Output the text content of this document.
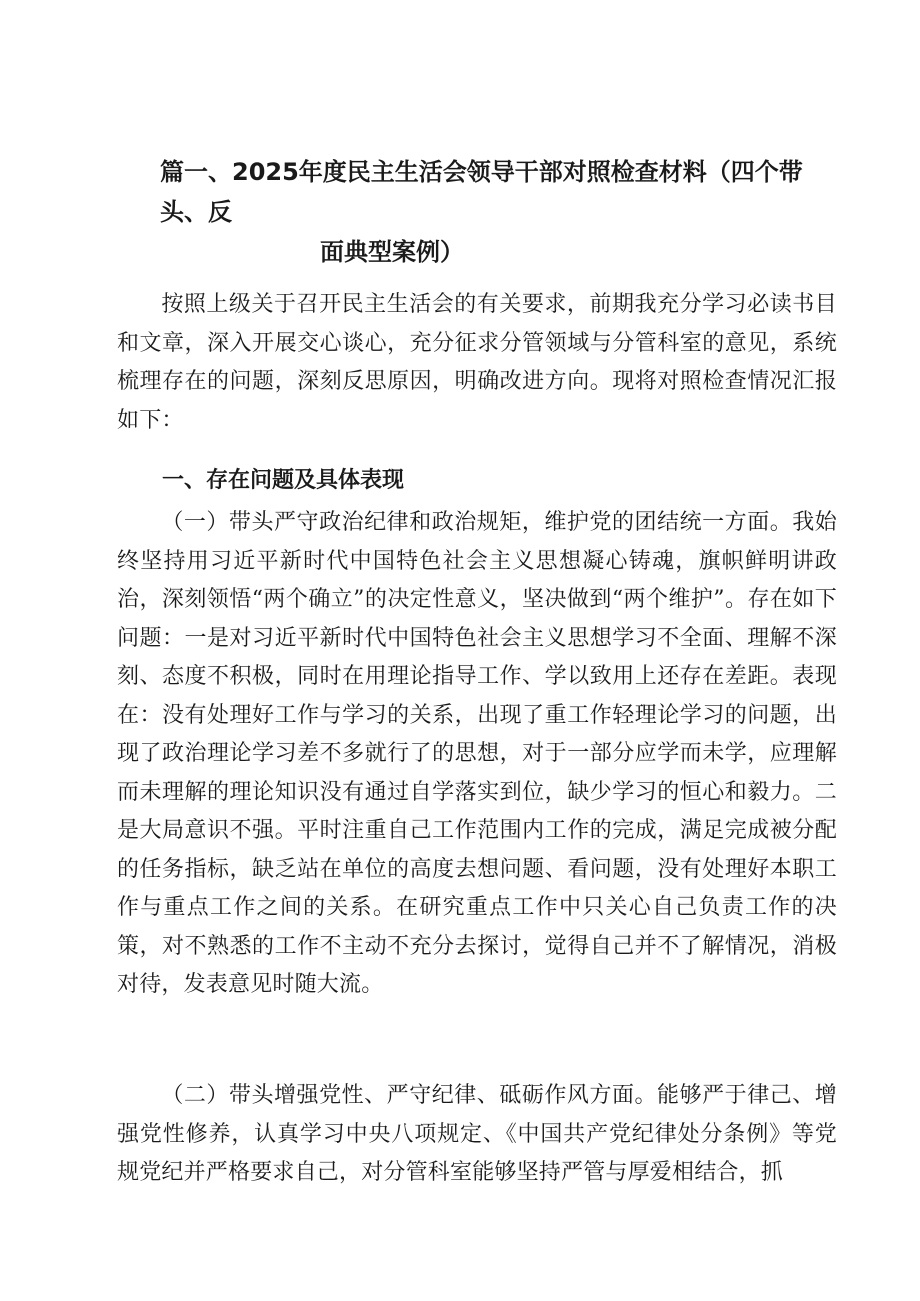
篇一、2025年度民主生活会领导干部对照检查材料（四个带头、反
面典型案例）

按照上级关于召开民主生活会的有关要求，前期我充分学习必读书目和文章，深入开展交心谈心，充分征求分管领域与分管科室的意见，系统梳理存在的问题，深刻反思原因，明确改进方向。现将对照检查情况汇报如下：

一、存在问题及具体表现

（一）带头严守政治纪律和政治规矩，维护党的团结统一方面。我始终坚持用习近平新时代中国特色社会主义思想凝心铸魂，旗帜鲜明讲政治，深刻领悟“两个确立”的决定性意义，坚决做到“两个维护”。存在如下问题：一是对习近平新时代中国特色社会主义思想学习不全面、理解不深刻、态度不积极，同时在用理论指导工作、学以致用上还存在差距。表现在：没有处理好工作与学习的关系，出现了重工作轻理论学习的问题，出现了政治理论学习差不多就行了的思想，对于一部分应学而未学，应理解而未理解的理论知识没有通过自学落实到位，缺少学习的恒心和毅力。二是大局意识不强。平时注重自己工作范围内工作的完成，满足完成被分配的任务指标，缺乏站在单位的高度去想问题、看问题，没有处理好本职工作与重点工作之间的关系。在研究重点工作中只关心自己负责工作的决策，对不熟悉的工作不主动不充分去探讨，觉得自己并不了解情况，消极对待，发表意见时随大流。

（二）带头增强党性、严守纪律、砥砺作风方面。能够严于律己、增强党性修养，认真学习中央八项规定、《中国共产党纪律处分条例》等党规党纪并严格要求自己，对分管科室能够坚持严管与厚爱相结合，抓
